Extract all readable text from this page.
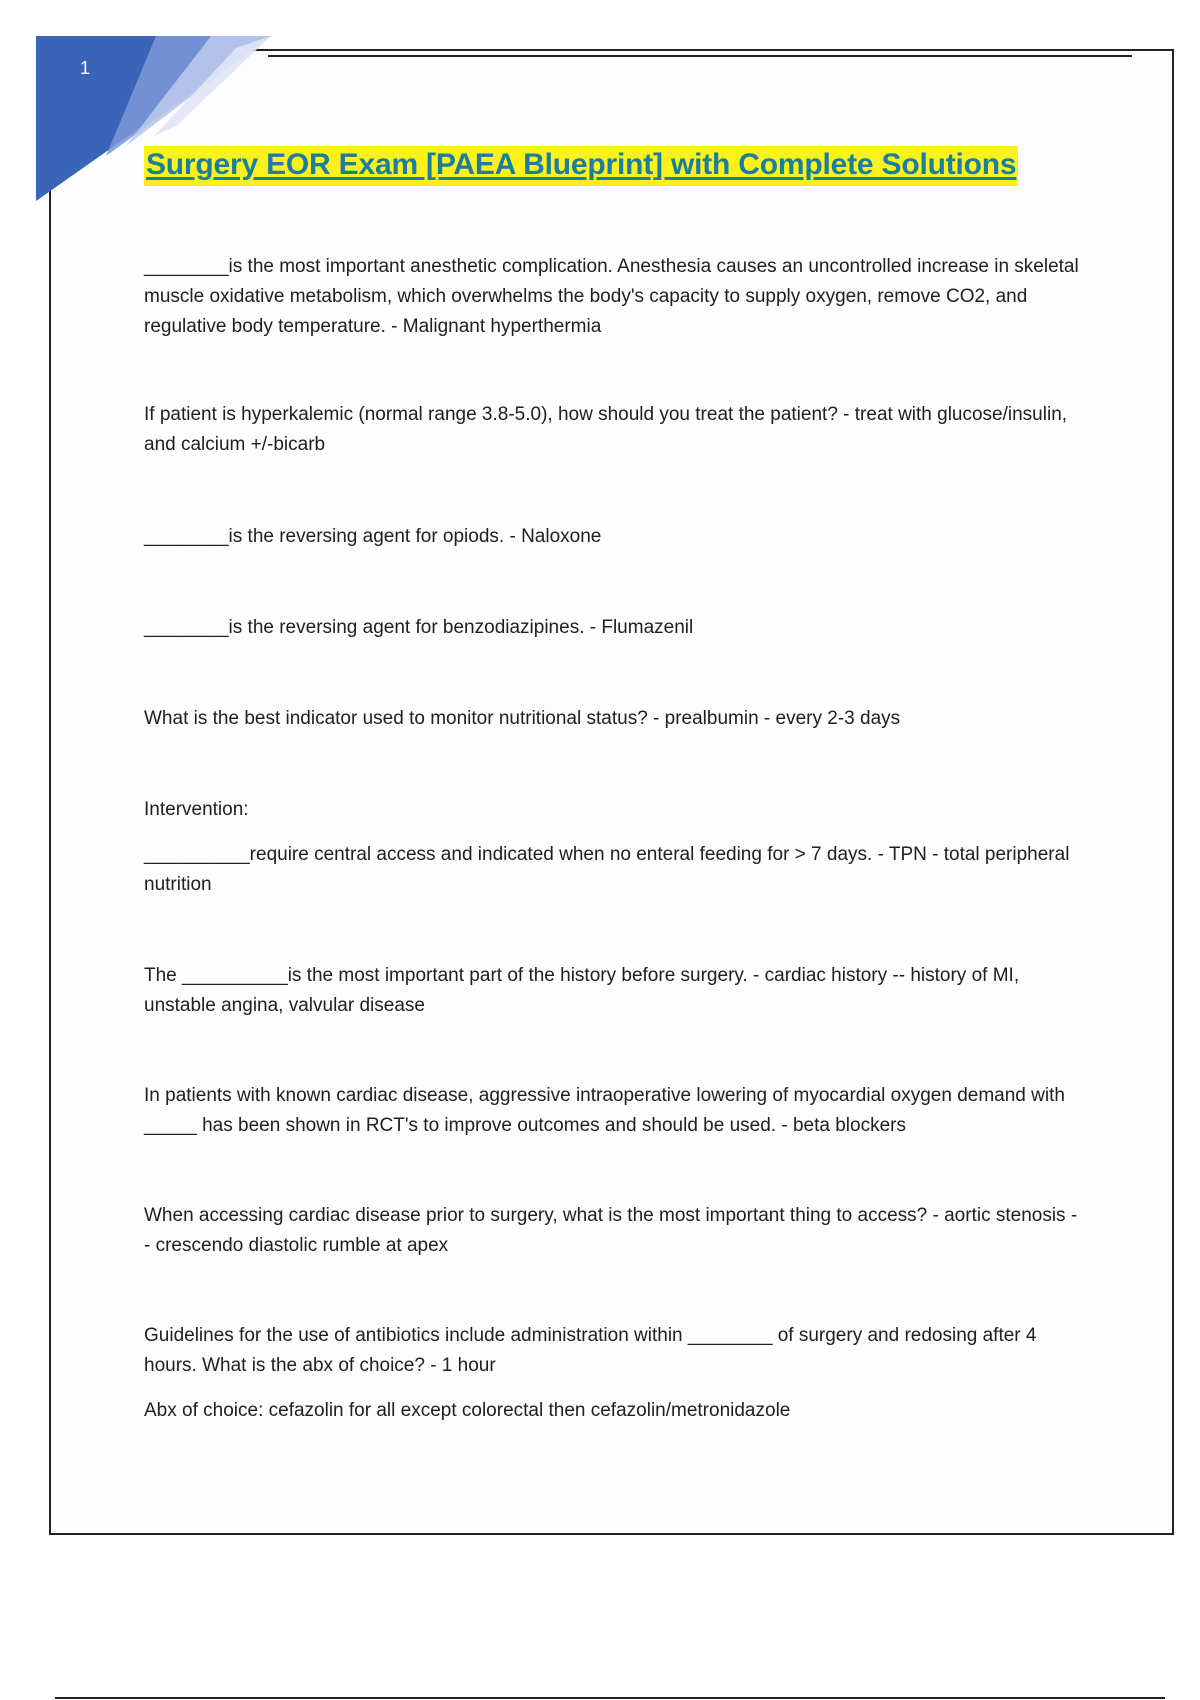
1
Surgery EOR Exam [PAEA Blueprint] with Complete Solutions

________is the most important anesthetic complication. Anesthesia causes an uncontrolled increase in skeletal muscle oxidative metabolism, which overwhelms the body's capacity to supply oxygen, remove CO2, and regulative body temperature. - Malignant hyperthermia

If patient is hyperkalemic (normal range 3.8-5.0), how should you treat the patient? - treat with glucose/insulin, and calcium +/-bicarb

________is the reversing agent for opiods. - Naloxone

________is the reversing agent for benzodiazipines. - Flumazenil

What is the best indicator used to monitor nutritional status? - prealbumin - every 2-3 days

Intervention:

__________require central access and indicated when no enteral feeding for > 7 days. - TPN - total peripheral nutrition

The __________is the most important part of the history before surgery. - cardiac history -- history of MI, unstable angina, valvular disease

In patients with known cardiac disease, aggressive intraoperative lowering of myocardial oxygen demand with _____ has been shown in RCT's to improve outcomes and should be used. - beta blockers

When accessing cardiac disease prior to surgery, what is the most important thing to access? - aortic stenosis -- crescendo diastolic rumble at apex

Guidelines for the use of antibiotics include administration within ________ of surgery and redosing after 4 hours. What is the abx of choice? - 1 hour

Abx of choice: cefazolin for all except colorectal then cefazolin/metronidazole
